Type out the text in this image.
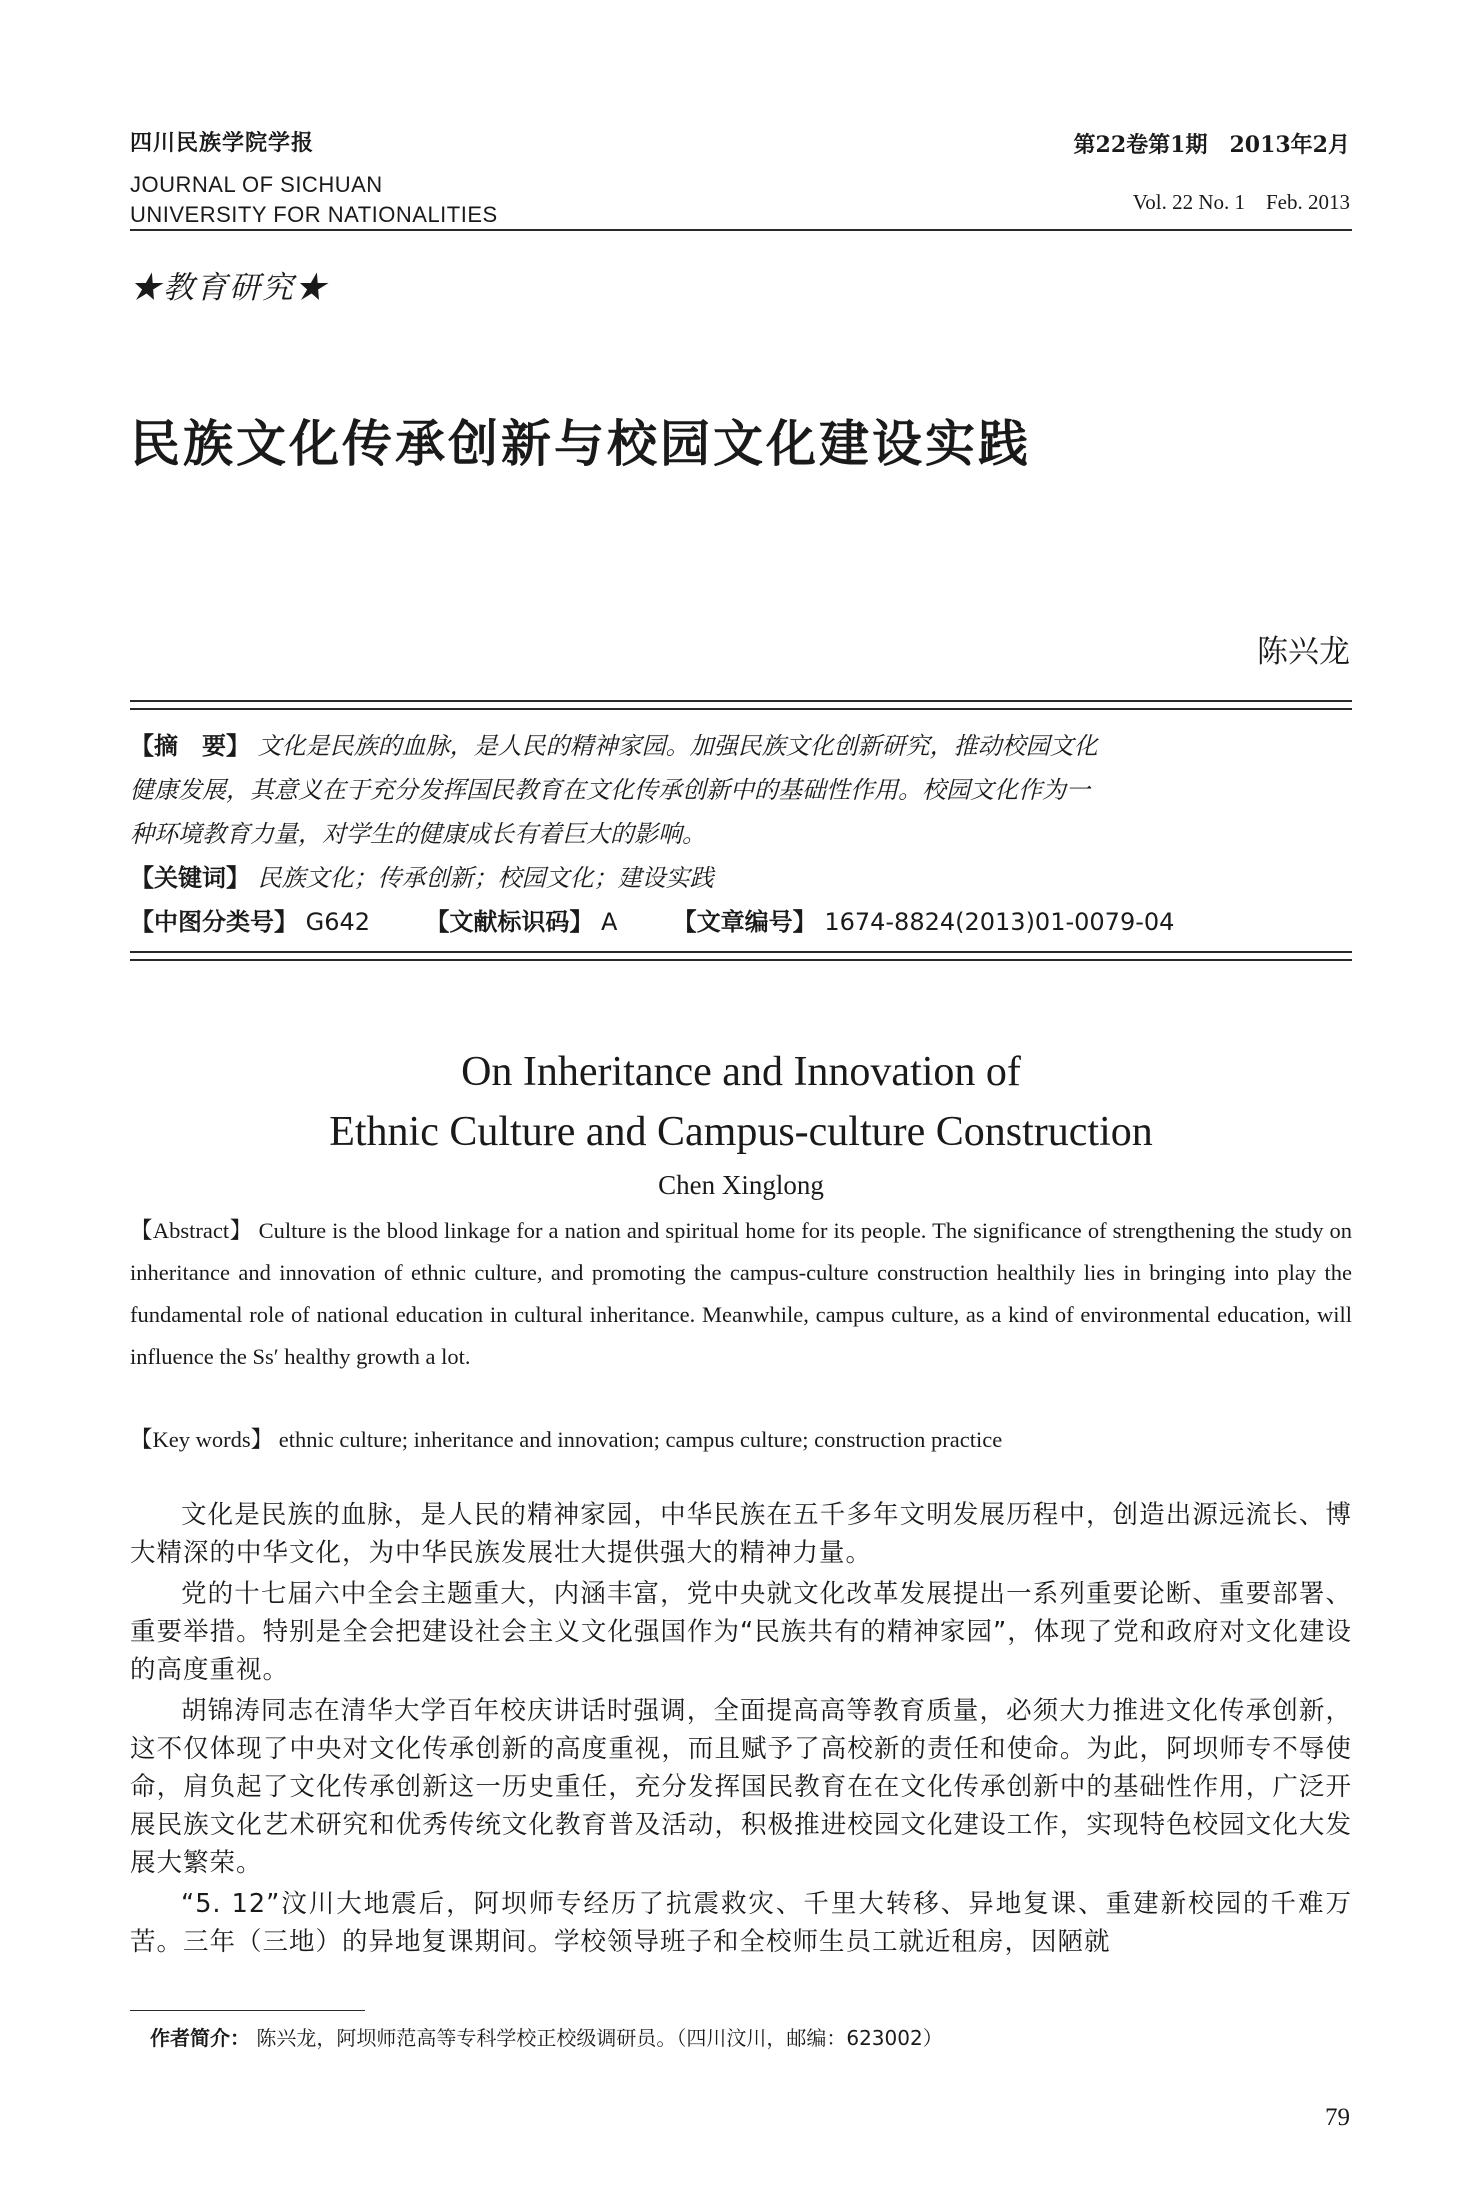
四川民族学院学报
JOURNAL OF SICHUAN
UNIVERSITY FOR NATIONALITIES
第22卷第1期　2013年2月
Vol. 22 No. 1　Feb. 2013
★教育研究★
民族文化传承创新与校园文化建设实践
陈兴龙
【摘　要】 文化是民族的血脉，是人民的精神家园。加强民族文化创新研究，推动校园文化
健康发展，其意义在于充分发挥国民教育在文化传承创新中的基础性作用。校园文化作为一
种环境教育力量，对学生的健康成长有着巨大的影响。
【关键词】 民族文化；传承创新；校园文化；建设实践
【中图分类号】 G642 【文献标识码】 A 【文章编号】 1674-8824(2013)01-0079-04
On Inheritance and Innovation of
Ethnic Culture and Campus-culture Construction
Chen Xinglong
【Abstract】 Culture is the blood linkage for a nation and spiritual home for its people. The significance of strengthening the study on inheritance and innovation of ethnic culture, and promoting the campus-culture construction healthily lies in bringing into play the fundamental role of national education in cultural inheritance. Meanwhile, campus culture, as a kind of environmental education, will influence the Ss′ healthy growth a lot.
【Key words】 ethnic culture; inheritance and innovation; campus culture; construction practice

文化是民族的血脉，是人民的精神家园，中华民族在五千多年文明发展历程中，创造出源远流长、博大精深的中华文化，为中华民族发展壮大提供强大的精神力量。

党的十七届六中全会主题重大，内涵丰富，党中央就文化改革发展提出一系列重要论断、重要部署、重要举措。特别是全会把建设社会主义文化强国作为“民族共有的精神家园”，体现了党和政府对文化建设的高度重视。

胡锦涛同志在清华大学百年校庆讲话时强调，全面提高高等教育质量，必须大力推进文化传承创新，这不仅体现了中央对文化传承创新的高度重视，而且赋予了高校新的责任和使命。为此，阿坝师专不辱使命，肩负起了文化传承创新这一历史重任，充分发挥国民教育在在文化传承创新中的基础性作用，广泛开展民族文化艺术研究和优秀传统文化教育普及活动，积极推进校园文化建设工作，实现特色校园文化大发展大繁荣。

“5. 12”汶川大地震后，阿坝师专经历了抗震救灾、千里大转移、异地复课、重建新校园的千难万苦。三年（三地）的异地复课期间。学校领导班子和全校师生员工就近租房，因陋就

作者简介： 陈兴龙，阿坝师范高等专科学校正校级调研员。（四川汶川，邮编：623002）
79
